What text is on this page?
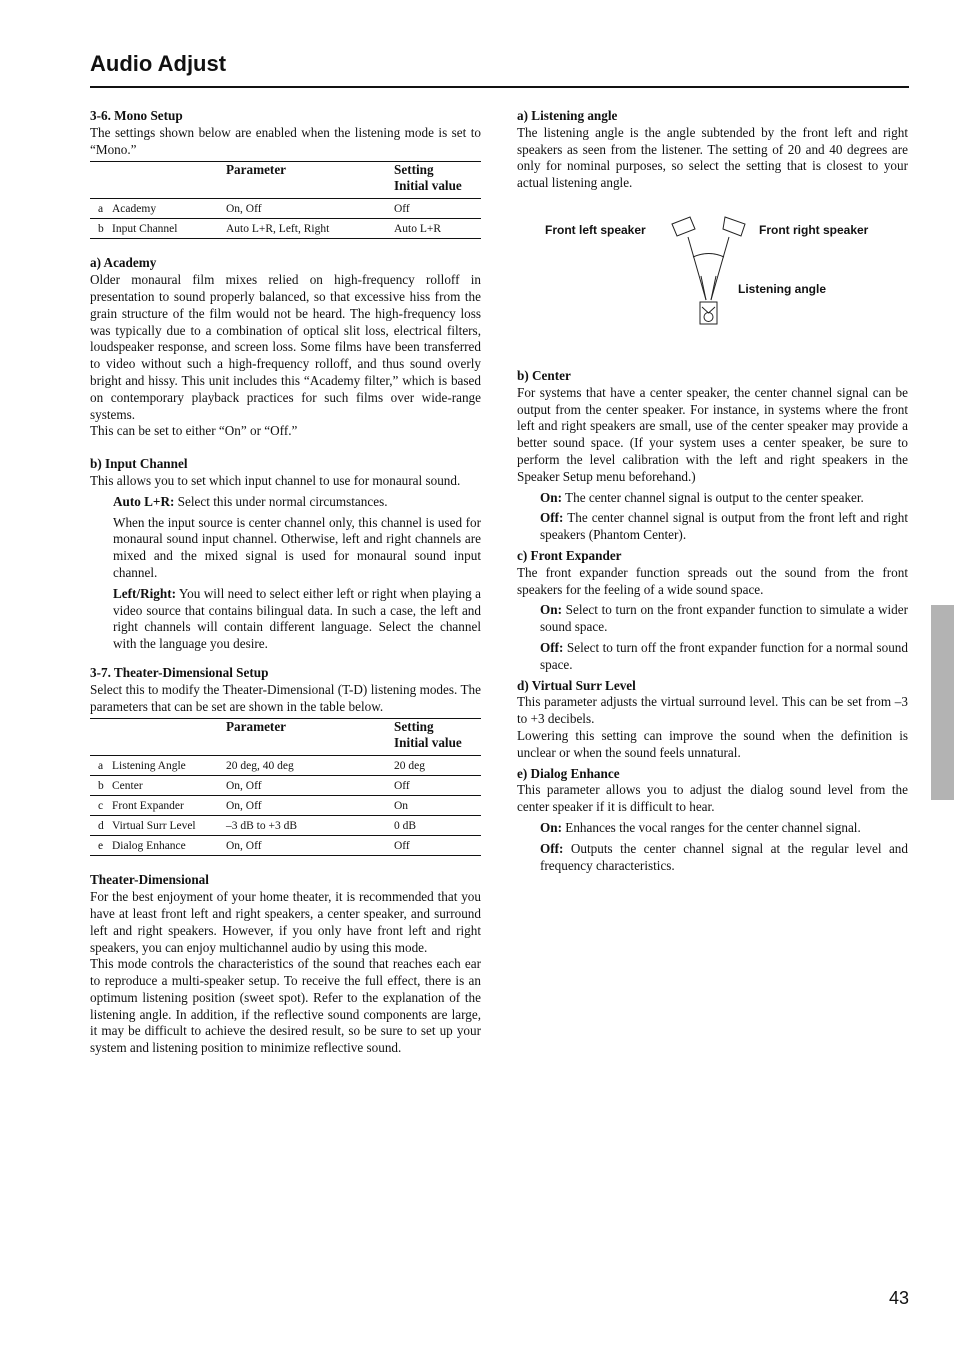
Audio Adjust

3-6. Mono Setup

The settings shown below are enabled when the listening mode is set to “Mono.”

	Parameter	Setting
Initial value
a Academy	On, Off	Off
b Input Channel	Auto L+R, Left, Right	Auto L+R

a) Academy

Older monaural film mixes relied on high-frequency rolloff in presentation to sound properly balanced, so that excessive hiss from the grain structure of the film would not be heard. The high-frequency loss was typically due to a combination of optical slit loss, electrical filters, loudspeaker response, and screen loss. Some films have been transferred to video without such a high-frequency rolloff, and thus sound overly bright and hissy. This unit includes this “Academy filter,” which is based on contemporary playback practices for such films over wide-range systems.

This can be set to either “On” or “Off.”

b) Input Channel

This allows you to set which input channel to use for monaural sound.

Auto L+R: Select this under normal circumstances.

When the input source is center channel only, this channel is used for monaural sound input channel. Otherwise, left and right channels are mixed and the mixed signal is used for monaural sound input channel.

Left/Right: You will need to select either left or right when playing a video source that contains bilingual data. In such a case, the left and right channels will contain different language. Select the channel with the language you desire.

3-7. Theater-Dimensional Setup

Select this to modify the Theater-Dimensional (T-D) listening modes. The parameters that can be set are shown in the table below.

	Parameter	Setting
Initial value
a Listening Angle	20 deg, 40 deg	20 deg
b Center	On, Off	Off
c Front Expander	On, Off	On
d Virtual Surr Level	–3 dB to +3 dB	0 dB
e Dialog Enhance	On, Off	Off

Theater-Dimensional

For the best enjoyment of your home theater, it is recommended that you have at least front left and right speakers, a center speaker, and surround left and right speakers. However, if you only have front left and right speakers, you can enjoy multichannel audio by using this mode.

This mode controls the characteristics of the sound that reaches each ear to reproduce a multi-speaker setup. To receive the full effect, there is an optimum listening position (sweet spot). Refer to the explanation of the listening angle. In addition, if the reflective sound components are large, it may be difficult to achieve the desired result, so be sure to set up your system and listening position to minimize reflective sound.

a) Listening angle

The listening angle is the angle subtended by the front left and right speakers as seen from the listener. The setting of 20 and 40 degrees are only for nominal purposes, so select the setting that is closest to your actual listening angle.

Front left speaker	Front right speaker
Listening angle

b) Center

For systems that have a center speaker, the center channel signal can be output from the center speaker. For instance, in systems where the front left and right speakers are small, use of the center speaker may provide a better sound space. (If your system uses a center speaker, be sure to perform the level calibration with the left and right speakers in the Speaker Setup menu beforehand.)

On: The center channel signal is output to the center speaker.

Off: The center channel signal is output from the front left and right speakers (Phantom Center).

c) Front Expander

The front expander function spreads out the sound from the front speakers for the feeling of a wide sound space.

On: Select to turn on the front expander function to simulate a wider sound space.

Off: Select to turn off the front expander function for a normal sound space.

d) Virtual Surr Level

This parameter adjusts the virtual surround level. This can be set from –3 to +3 decibels.

Lowering this setting can improve the sound when the definition is unclear or when the sound feels unnatural.

e) Dialog Enhance

This parameter allows you to adjust the dialog sound level from the center speaker if it is difficult to hear.

On: Enhances the vocal ranges for the center channel signal.

Off: Outputs the center channel signal at the regular level and frequency characteristics.

43
